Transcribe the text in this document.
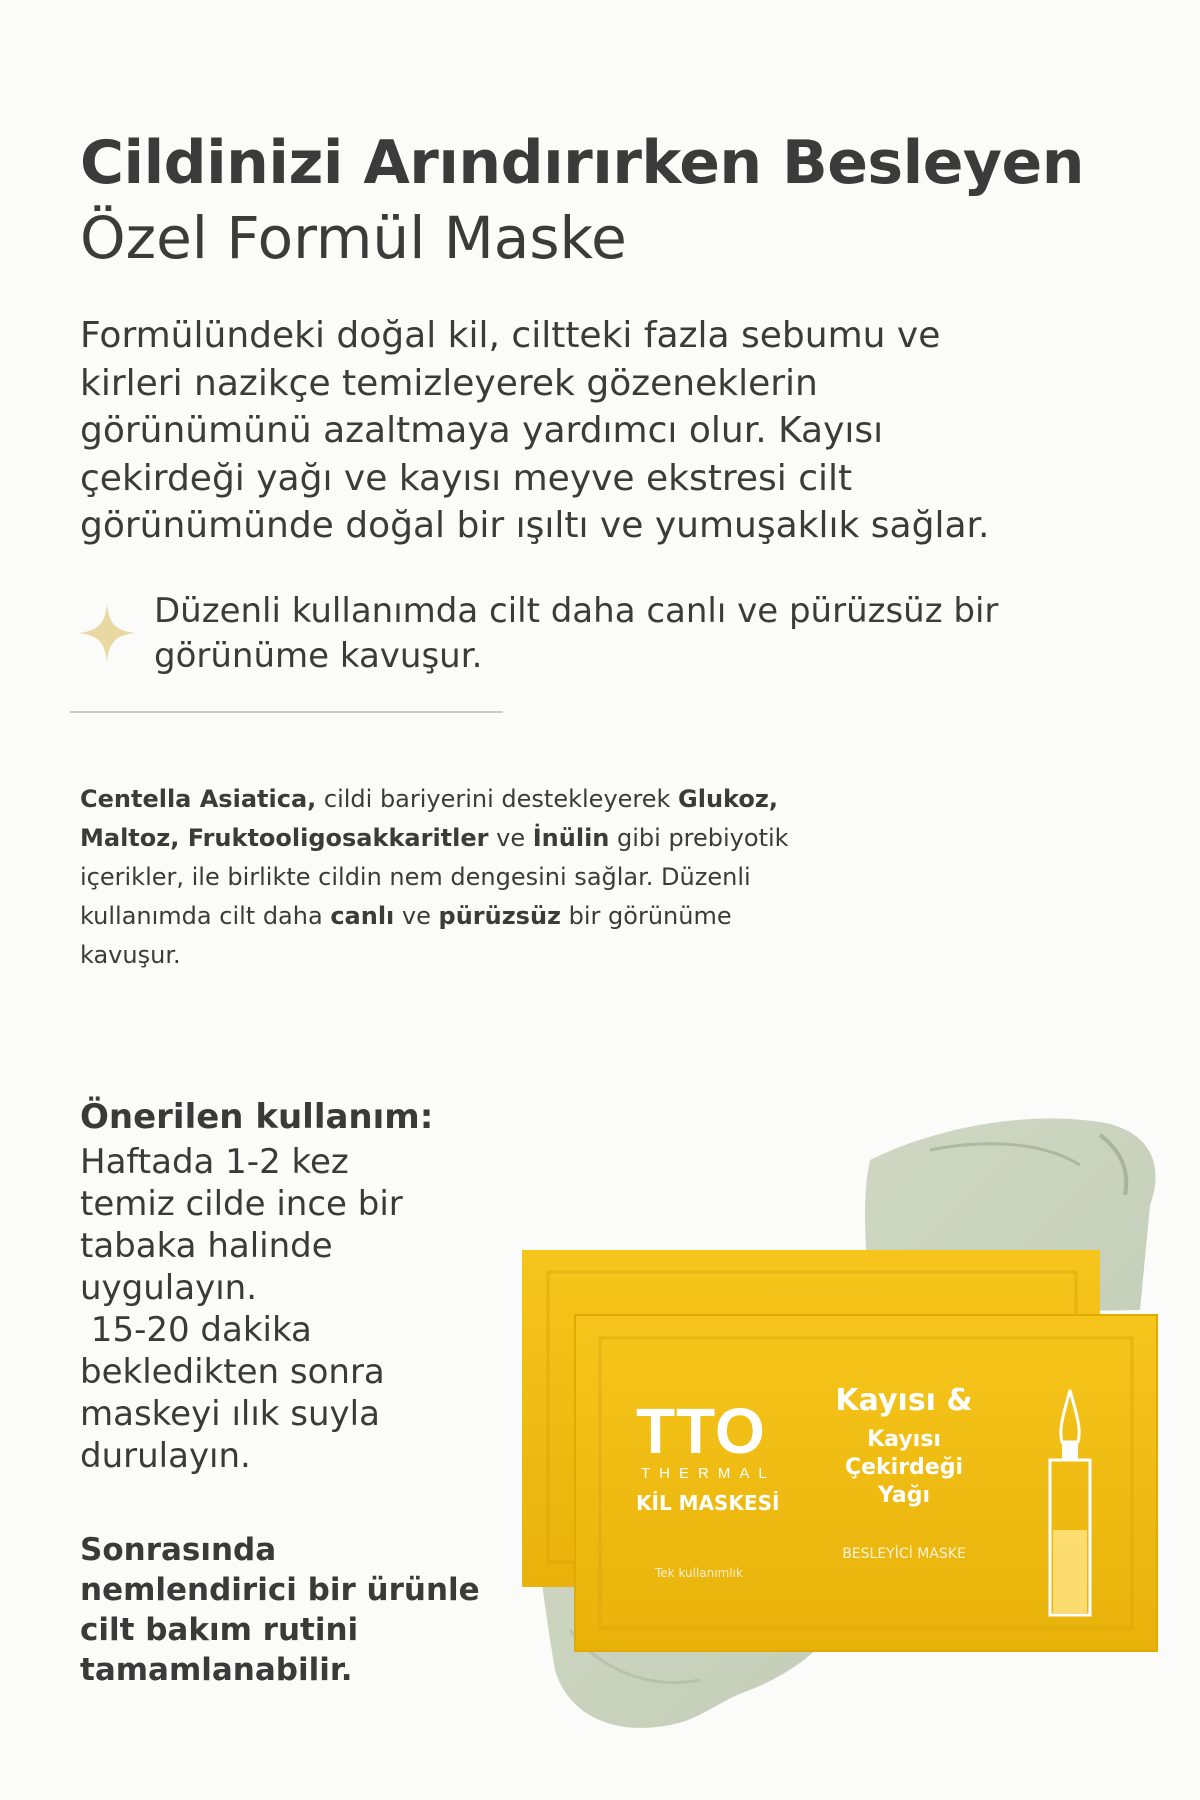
Cildinizi Arındırırken Besleyen
Özel Formül Maske
Formülündeki doğal kil, ciltteki fazla sebumu ve
kirleri nazikçe temizleyerek gözeneklerin
görünümünü azaltmaya yardımcı olur. Kayısı
çekirdeği yağı ve kayısı meyve ekstresi cilt
görünümünde doğal bir ışıltı ve yumuşaklık sağlar.
Düzenli kullanımda cilt daha canlı ve pürüzsüz bir
görünüme kavuşur.
Centella Asiatica, cildi bariyerini destekleyerek Glukoz,
Maltoz, Fruktooligosakkaritler ve İnülin gibi prebiyotik
içerikler, ile birlikte cildin nem dengesini sağlar. Düzenli
kullanımda cilt daha canlı ve pürüzsüz bir görünüme
kavuşur.
Önerilen kullanım:
Haftada 1-2 kez
temiz cilde ince bir
tabaka halinde
uygulayın.
15-20 dakika
bekledikten sonra
maskeyi ılık suyla
durulayın.
Sonrasında
nemlendirici bir ürünle
cilt bakım rutini
tamamlanabilir.
TTO
THERMAL
KİL MASKESİ
Tek kullanımlık
Kayısı &
Kayısı
Çekirdeği
Yağı
BESLEYİCİ MASKE
